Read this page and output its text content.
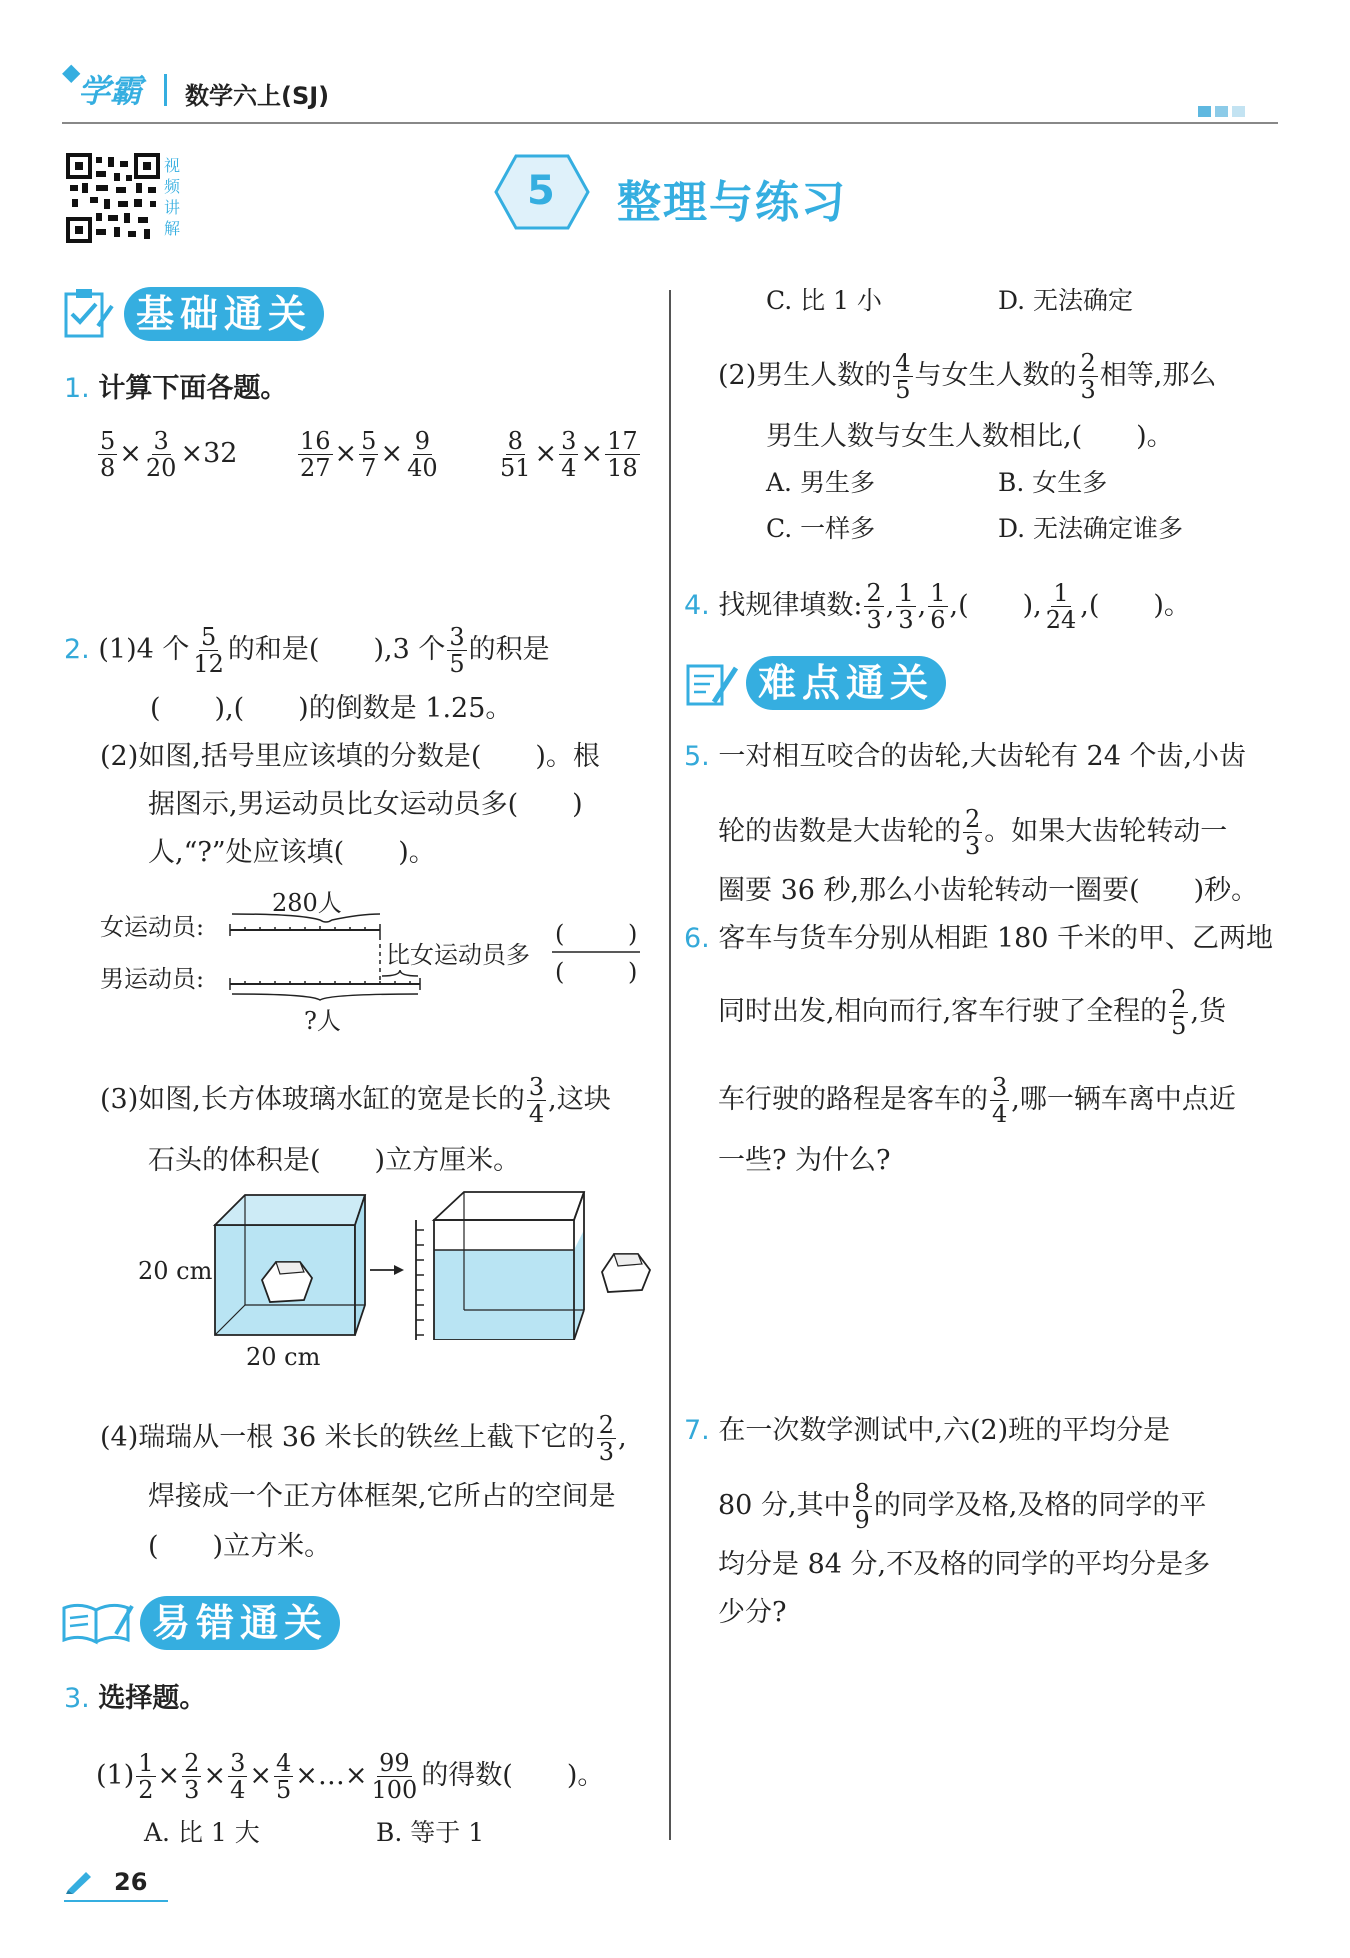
◆
学霸 数学六上(SJ)
视频讲解
5 整理与练习
基础通关
1. 计算下面各题。
$\frac{5}{8} \times \frac{3}{20} \times 32$	$\frac{16}{27} \times \frac{5}{7} \times \frac{9}{40} \frac{8}{51} \times \frac{3}{4} \times \frac{17}{18}$
2. (1)4 个 $\frac{5}{12}$ 的和是(　　),3 个 $\frac{3}{5}$ 的积是
(　　),(　　)的倒数是 1.25。
(2)如图,括号里应该填的分数是(　　)。根
据图示,男运动员比女运动员多(　　)
人,“?”处应该填(　　)。
女运动员:
男运动员:
280人
比女运动员多
?人
(	)
(	)
(3)如图,长方体玻璃水缸的宽是长的 $\frac{3}{4}$ ,这块
石头的体积是(　　)立方厘米。
20 cm
20 cm
(4)瑞瑞从一根 36 米长的铁丝上截下它的 $\frac{2}{3}$ ,
焊接成一个正方体框架,它所占的空间是
(　　)立方米。
易错通关
3. 选择题。
$(1) \frac{1}{2} \times \frac{2}{3} \times \frac{3}{4} \times \frac{4}{5}$ ×…× $\frac{99}{100}$ 的得数(　　)。
A. 比 1 大	B. 等于 1
C. 比 1 小	D. 无法确定
(2)男生人数的 $\frac{4}{5}$ 与女生人数的 $\frac{2}{3}$ 相等,那么
男生人数与女生人数相比,(　　)。
A. 男生多	B. 女生多
C. 一样多	D. 无法确定谁多
4. 找规律填数: $\frac{2}{3}$ , $\frac{1}{3}$ , $\frac{1}{6}$ ,(　　), $\frac{1}{24}$ ,(　　)。
难点通关
5. 一对相互咬合的齿轮,大齿轮有 24 个齿,小齿
轮的齿数是大齿轮的 $\frac{2}{3}$ 。如果大齿轮转动一
圈要 36 秒,那么小齿轮转动一圈要(　　)秒。
6. 客车与货车分别从相距 180 千米的甲、乙两地
同时出发,相向而行,客车行驶了全程的 $\frac{2}{5}$ ,货
车行驶的路程是客车的 $\frac{3}{4}$ ,哪一辆车离中点近
一些? 为什么?
7. 在一次数学测试中,六(2)班的平均分是
80 分,其中 $\frac{8}{9}$ 的同学及格,及格的同学的平
均分是 84 分,不及格的同学的平均分是多
少分?
26
